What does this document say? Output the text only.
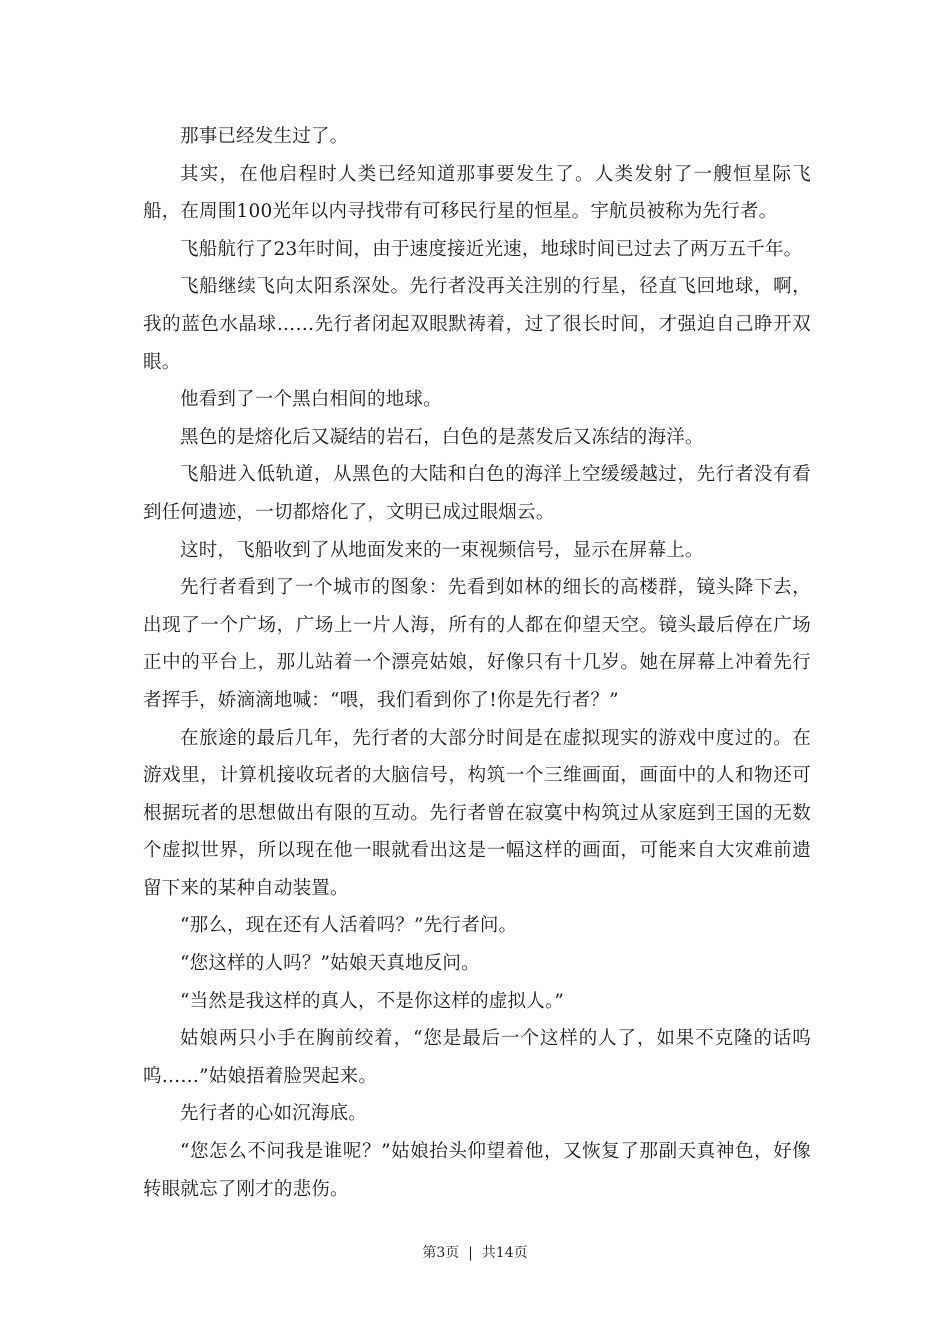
那事已经发生过了。

其实，在他启程时人类已经知道那事要发生了。人类发射了一艘恒星际飞船，在周围100光年以内寻找带有可移民行星的恒星。宇航员被称为先行者。

飞船航行了23年时间，由于速度接近光速，地球时间已过去了两万五千年。

飞船继续飞向太阳系深处。先行者没再关注别的行星，径直飞回地球，啊，我的蓝色水晶球……先行者闭起双眼默祷着，过了很长时间，才强迫自己睁开双眼。

他看到了一个黑白相间的地球。

黑色的是熔化后又凝结的岩石，白色的是蒸发后又冻结的海洋。

飞船进入低轨道，从黑色的大陆和白色的海洋上空缓缓越过，先行者没有看到任何遗迹，一切都熔化了，文明已成过眼烟云。

这时，飞船收到了从地面发来的一束视频信号，显示在屏幕上。

先行者看到了一个城市的图象：先看到如林的细长的高楼群，镜头降下去，出现了一个广场，广场上一片人海，所有的人都在仰望天空。镜头最后停在广场正中的平台上，那儿站着一个漂亮姑娘，好像只有十几岁。她在屏幕上冲着先行者挥手，娇滴滴地喊：“喂，我们看到你了!你是先行者？”

在旅途的最后几年，先行者的大部分时间是在虚拟现实的游戏中度过的。在游戏里，计算机接收玩者的大脑信号，构筑一个三维画面，画面中的人和物还可根据玩者的思想做出有限的互动。先行者曾在寂寞中构筑过从家庭到王国的无数个虚拟世界，所以现在他一眼就看出这是一幅这样的画面，可能来自大灾难前遗留下来的某种自动装置。

“那么，现在还有人活着吗？”先行者问。

“您这样的人吗？”姑娘天真地反问。

“当然是我这样的真人，不是你这样的虚拟人。”

姑娘两只小手在胸前绞着，“您是最后一个这样的人了，如果不克隆的话呜呜……”姑娘捂着脸哭起来。

先行者的心如沉海底。

“您怎么不问我是谁呢？”姑娘抬头仰望着他，又恢复了那副天真神色，好像转眼就忘了刚才的悲伤。

第3页  |  共14页
